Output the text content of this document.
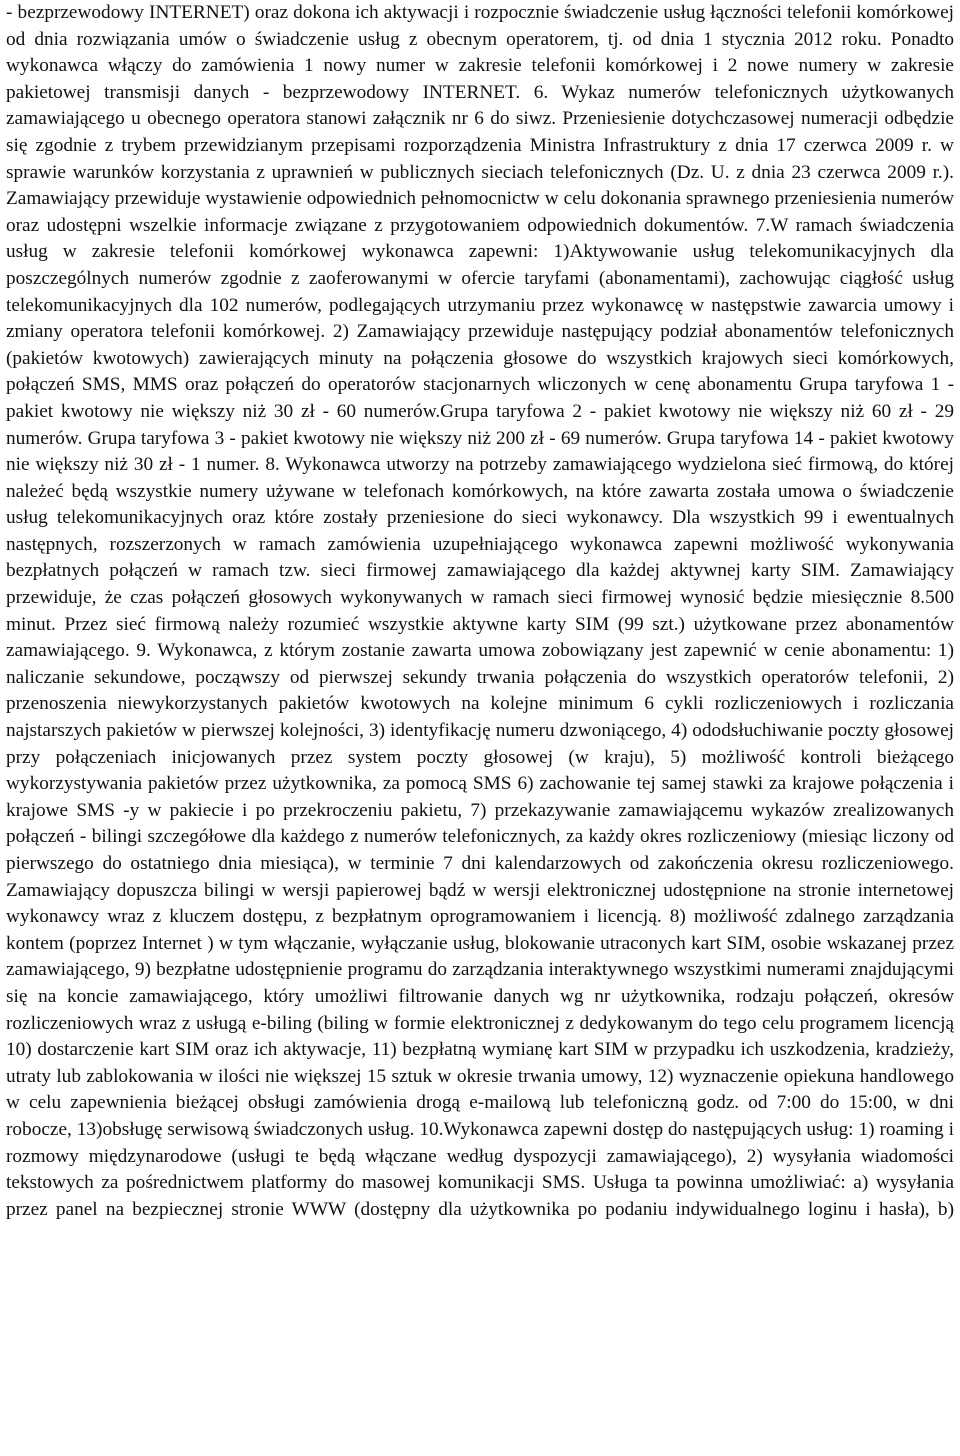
- bezprzewodowy INTERNET) oraz dokona ich aktywacji i rozpocznie świadczenie usług łączności telefonii komórkowej od dnia rozwiązania umów o świadczenie usług z obecnym operatorem, tj. od dnia 1 stycznia 2012 roku. Ponadto wykonawca włączy do zamówienia 1 nowy numer w zakresie telefonii komórkowej i 2 nowe numery w zakresie pakietowej transmisji danych - bezprzewodowy INTERNET. 6. Wykaz numerów telefonicznych użytkowanych zamawiającego u obecnego operatora stanowi załącznik nr 6 do siwz. Przeniesienie dotychczasowej numeracji odbędzie się zgodnie z trybem przewidzianym przepisami rozporządzenia Ministra Infrastruktury z dnia 17 czerwca 2009 r. w sprawie warunków korzystania z uprawnień w publicznych sieciach telefonicznych (Dz. U. z dnia 23 czerwca 2009 r.). Zamawiający przewiduje wystawienie odpowiednich pełnomocnictw w celu dokonania sprawnego przeniesienia numerów oraz udostępni wszelkie informacje związane z przygotowaniem odpowiednich dokumentów. 7.W ramach świadczenia usług w zakresie telefonii komórkowej wykonawca zapewni: 1)Aktywowanie usług telekomunikacyjnych dla poszczególnych numerów zgodnie z zaoferowanymi w ofercie taryfami (abonamentami), zachowując ciągłość usług telekomunikacyjnych dla 102 numerów, podlegających utrzymaniu przez wykonawcę w następstwie zawarcia umowy i zmiany operatora telefonii komórkowej. 2) Zamawiający przewiduje następujący podział abonamentów telefonicznych (pakietów kwotowych) zawierających minuty na połączenia głosowe do wszystkich krajowych sieci komórkowych, połączeń SMS, MMS oraz połączeń do operatorów stacjonarnych wliczonych w cenę abonamentu Grupa taryfowa 1 - pakiet kwotowy nie większy niż 30 zł - 60 numerów.Grupa taryfowa 2 - pakiet kwotowy nie większy niż 60 zł - 29 numerów. Grupa taryfowa 3 - pakiet kwotowy nie większy niż 200 zł - 69 numerów. Grupa taryfowa 14 - pakiet kwotowy nie większy niż 30 zł - 1 numer. 8. Wykonawca utworzy na potrzeby zamawiającego wydzielona sieć firmową, do której należeć będą wszystkie numery używane w telefonach komórkowych, na które zawarta została umowa o świadczenie usług telekomunikacyjnych oraz które zostały przeniesione do sieci wykonawcy. Dla wszystkich 99 i ewentualnych następnych, rozszerzonych w ramach zamówienia uzupełniającego wykonawca zapewni możliwość wykonywania bezpłatnych połączeń w ramach tzw. sieci firmowej zamawiającego dla każdej aktywnej karty SIM. Zamawiający przewiduje, że czas połączeń głosowych wykonywanych w ramach sieci firmowej wynosić będzie miesięcznie 8.500 minut. Przez sieć firmową należy rozumieć wszystkie aktywne karty SIM (99 szt.) użytkowane przez abonamentów zamawiającego. 9. Wykonawca, z którym zostanie zawarta umowa zobowiązany jest zapewnić w cenie abonamentu: 1) naliczanie sekundowe, począwszy od pierwszej sekundy trwania połączenia do wszystkich operatorów telefonii, 2) przenoszenia niewykorzystanych pakietów kwotowych na kolejne minimum 6 cykli rozliczeniowych i rozliczania najstarszych pakietów w pierwszej kolejności, 3) identyfikację numeru dzwoniącego, 4) ododsłuchiwanie poczty głosowej przy połączeniach inicjowanych przez system poczty głosowej (w kraju), 5) możliwość kontroli bieżącego wykorzystywania pakietów przez użytkownika, za pomocą SMS 6) zachowanie tej samej stawki za krajowe połączenia i krajowe SMS -y w pakiecie i po przekroczeniu pakietu, 7) przekazywanie zamawiającemu wykazów zrealizowanych połączeń - bilingi szczegółowe dla każdego z numerów telefonicznych, za każdy okres rozliczeniowy (miesiąc liczony od pierwszego do ostatniego dnia miesiąca), w terminie 7 dni kalendarzowych od zakończenia okresu rozliczeniowego. Zamawiający dopuszcza bilingi w wersji papierowej bądź w wersji elektronicznej udostępnione na stronie internetowej wykonawcy wraz z kluczem dostępu, z bezpłatnym oprogramowaniem i licencją. 8) możliwość zdalnego zarządzania kontem (poprzez Internet ) w tym włączanie, wyłączanie usług, blokowanie utraconych kart SIM, osobie wskazanej przez zamawiającego, 9) bezpłatne udostępnienie programu do zarządzania interaktywnego wszystkimi numerami znajdującymi się na koncie zamawiającego, który umożliwi filtrowanie danych wg nr użytkownika, rodzaju połączeń, okresów rozliczeniowych wraz z usługą e-biling (biling w formie elektronicznej z dedykowanym do tego celu programem licencją 10) dostarczenie kart SIM oraz ich aktywacje, 11) bezpłatną wymianę kart SIM w przypadku ich uszkodzenia, kradzieży, utraty lub zablokowania w ilości nie większej 15 sztuk w okresie trwania umowy, 12) wyznaczenie opiekuna handlowego w celu zapewnienia bieżącej obsługi zamówienia drogą e-mailową lub telefoniczną godz. od 7:00 do 15:00, w dni robocze, 13)obsługę serwisową świadczonych usług. 10.Wykonawca zapewni dostęp do następujących usług: 1) roaming i rozmowy międzynarodowe (usługi te będą włączane według dyspozycji zamawiającego), 2) wysyłania wiadomości tekstowych za pośrednictwem platformy do masowej komunikacji SMS. Usługa ta powinna umożliwiać: a) wysyłania przez panel na bezpiecznej stronie WWW (dostępny dla użytkownika po podaniu indywidualnego loginu i hasła), b)
